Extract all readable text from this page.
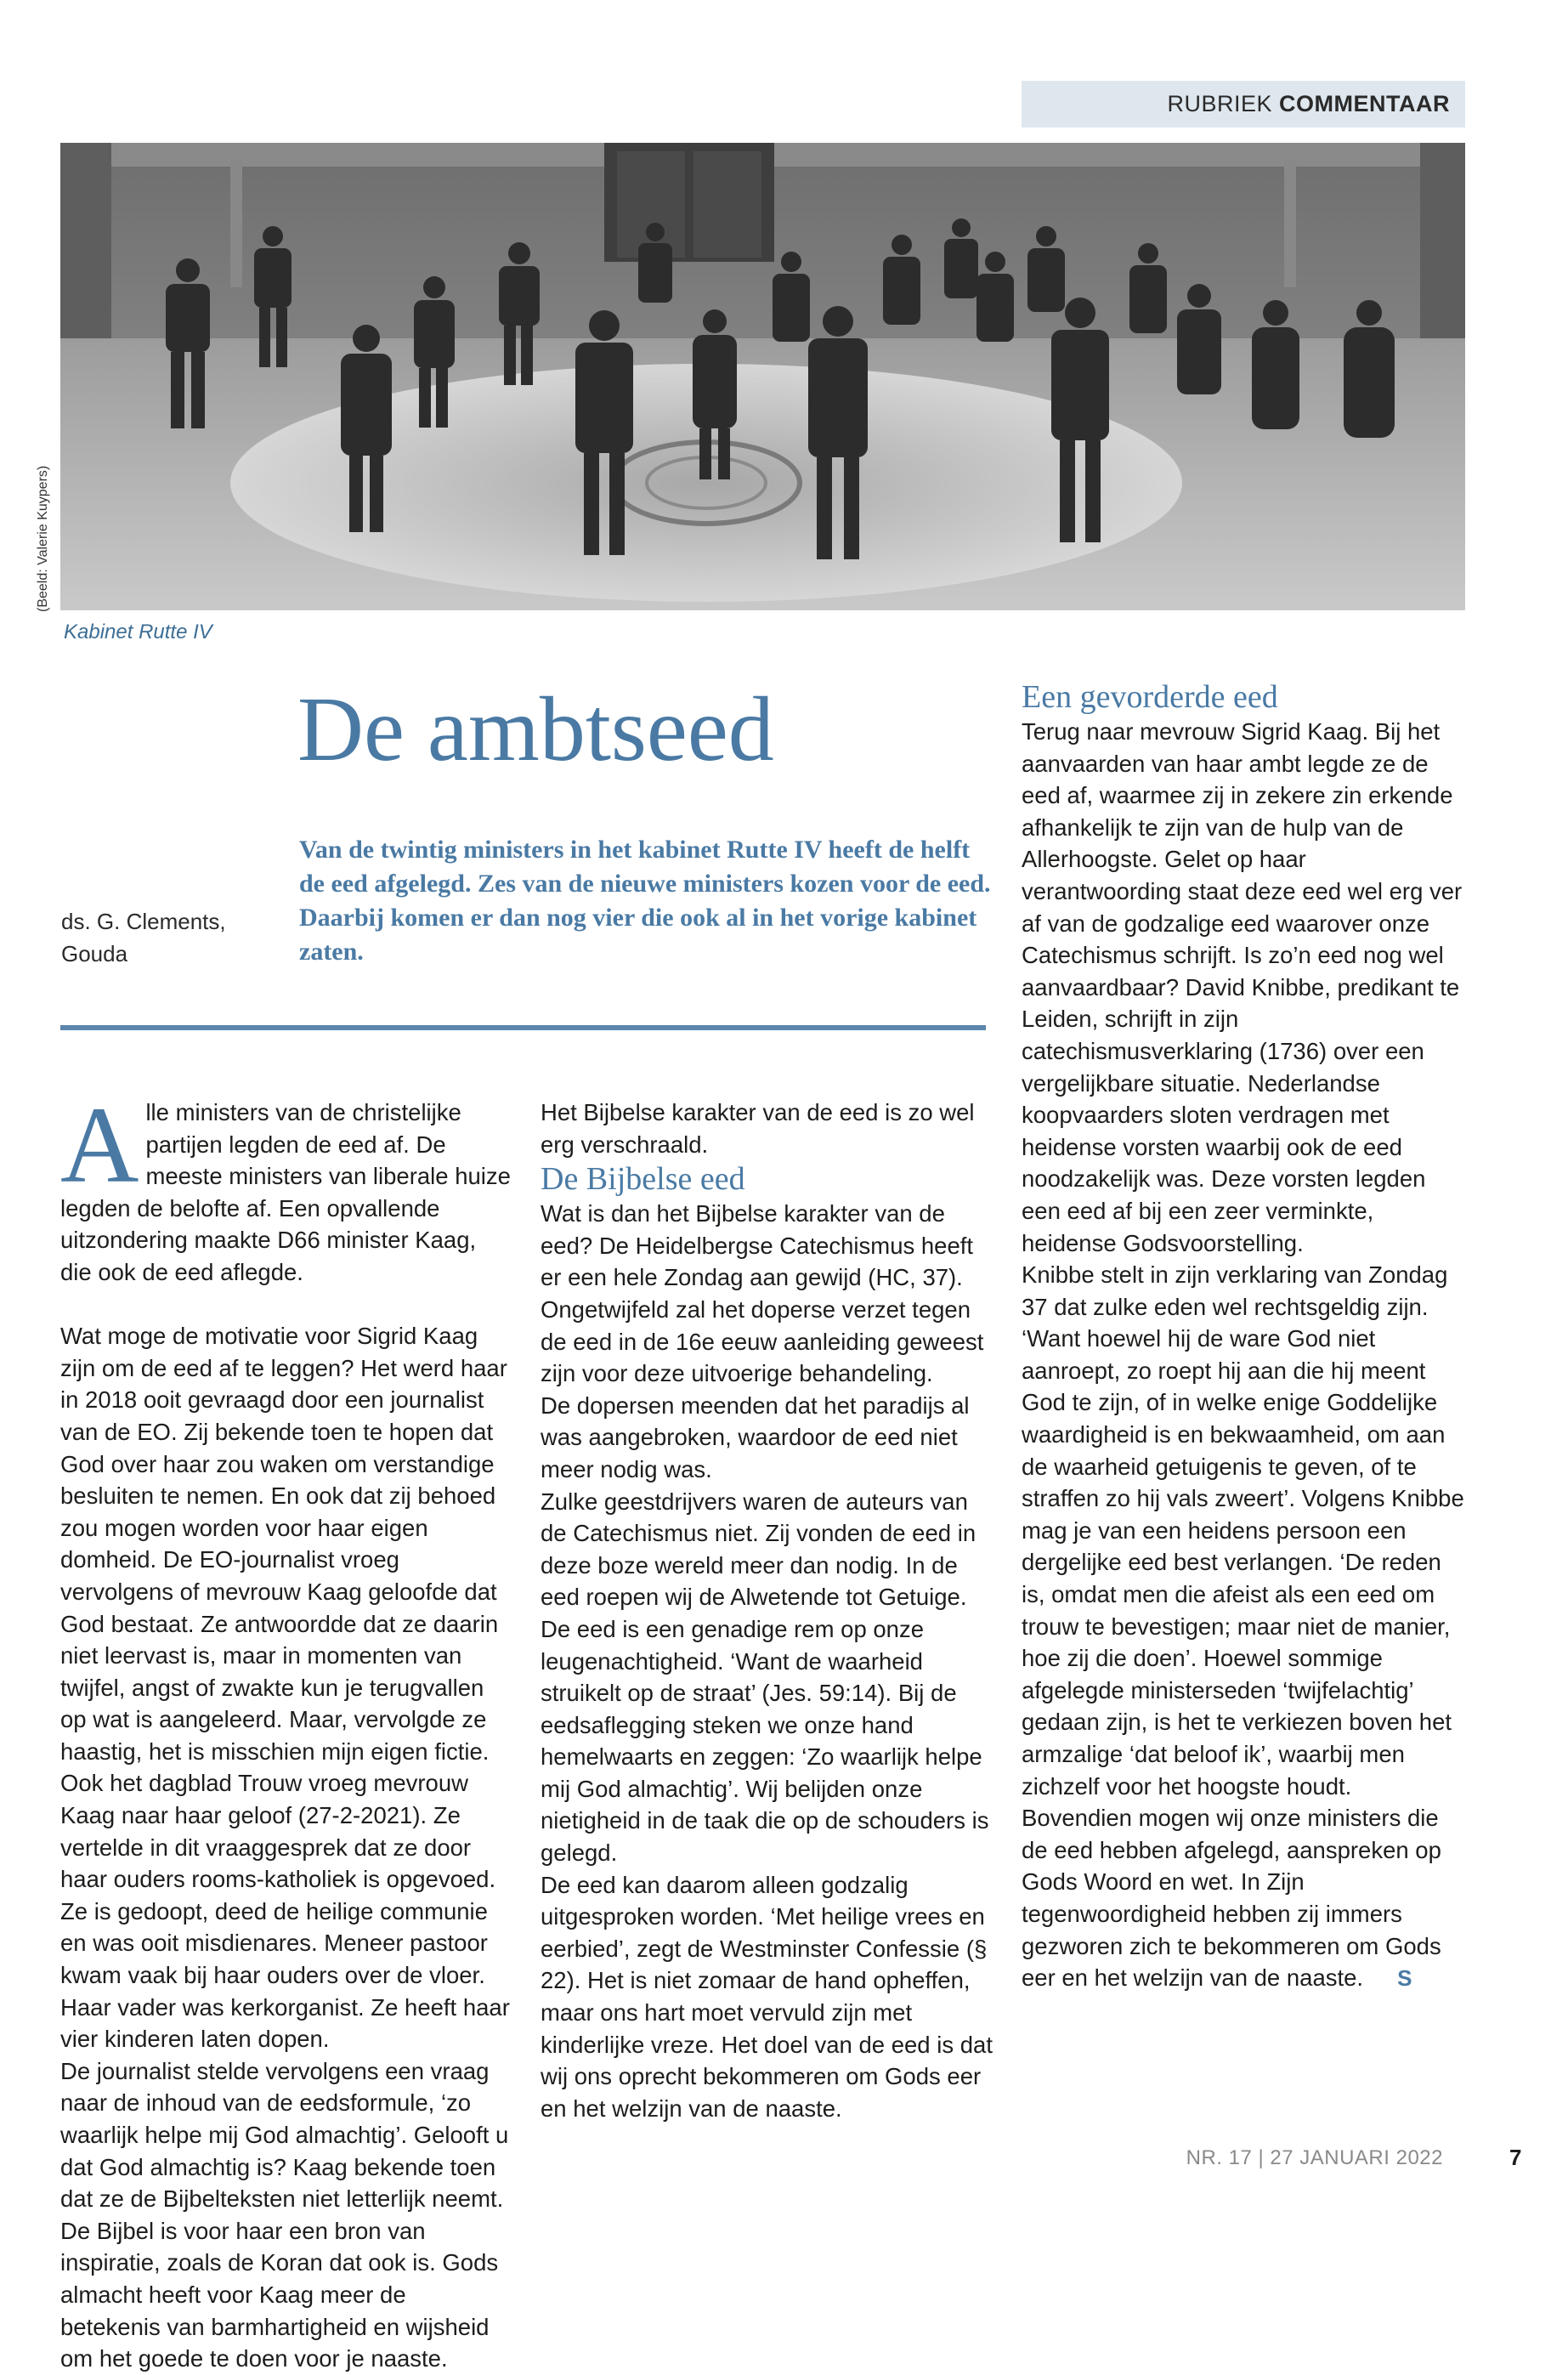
RUBRIEK COMMENTAAR
(Beeld: Valerie Kuypers)
Kabinet Rutte IV
De ambtseed
ds. G. Clements,
Gouda
Van de twintig ministers in het kabinet Rutte IV heeft de helft de eed afgelegd. Zes van de nieuwe ministers kozen voor de eed. Daarbij komen er dan nog vier die ook al in het vorige kabinet zaten.

Alle ministers van de christelijke partijen legden de eed af. De meeste ministers van liberale huize legden de belofte af. Een opvallende uitzondering maakte D66 minister Kaag, die ook de eed aflegde.

Wat moge de motivatie voor Sigrid Kaag zijn om de eed af te leggen? Het werd haar in 2018 ooit gevraagd door een journalist van de EO. Zij bekende toen te hopen dat God over haar zou waken om verstandige besluiten te nemen. En ook dat zij behoed zou mogen worden voor haar eigen domheid. De EO-journalist vroeg vervolgens of mevrouw Kaag geloofde dat God bestaat. Ze antwoordde dat ze daarin niet leervast is, maar in momenten van twijfel, angst of zwakte kun je terugvallen op wat is aangeleerd. Maar, vervolgde ze haastig, het is misschien mijn eigen fictie.

Ook het dagblad Trouw vroeg mevrouw Kaag naar haar geloof (27-2-2021). Ze vertelde in dit vraaggesprek dat ze door haar ouders rooms-katholiek is opgevoed.

Ze is gedoopt, deed de heilige communie en was ooit misdienares. Meneer pastoor kwam vaak bij haar ouders over de vloer. Haar vader was kerkorganist. Ze heeft haar vier kinderen laten dopen.

De journalist stelde vervolgens een vraag naar de inhoud van de eedsformule, ‘zo waarlijk helpe mij God almachtig’. Gelooft u dat God almachtig is? Kaag bekende toen dat ze de Bijbelteksten niet letterlijk neemt. De Bijbel is voor haar een bron van inspiratie, zoals de Koran dat ook is. Gods almacht heeft voor Kaag meer de betekenis van barmhartigheid en wijsheid om het goede te doen voor je naaste.

Het Bijbelse karakter van de eed is zo wel erg verschraald.

De Bijbelse eed

Wat is dan het Bijbelse karakter van de eed? De Heidelbergse Catechismus heeft er een hele Zondag aan gewijd (HC, 37). Ongetwijfeld zal het doperse verzet tegen de eed in de 16e eeuw aanleiding geweest zijn voor deze uitvoerige behandeling.

De dopersen meenden dat het paradijs al was aangebroken, waardoor de eed niet meer nodig was.

Zulke geestdrijvers waren de auteurs van de Catechismus niet. Zij vonden de eed in deze boze wereld meer dan nodig. In de eed roepen wij de Alwetende tot Getuige. De eed is een genadige rem op onze leugenachtigheid. ‘Want de waarheid struikelt op de straat’ (Jes. 59:14). Bij de eedsaflegging steken we onze hand hemelwaarts en zeggen: ‘Zo waarlijk helpe mij God almachtig’. Wij belijden onze nietigheid in de taak die op de schouders is gelegd.

De eed kan daarom alleen godzalig uitgesproken worden. ‘Met heilige vrees en eerbied’, zegt de Westminster Confessie (§ 22). Het is niet zomaar de hand opheffen, maar ons hart moet vervuld zijn met kinderlijke vreze. Het doel van de eed is dat wij ons oprecht bekommeren om Gods eer en het welzijn van de naaste.

Een gevorderde eed

Terug naar mevrouw Sigrid Kaag. Bij het aanvaarden van haar ambt legde ze de eed af, waarmee zij in zekere zin erkende afhankelijk te zijn van de hulp van de Allerhoogste. Gelet op haar verantwoording staat deze eed wel erg ver af van de godzalige eed waarover onze Catechismus schrijft. Is zo’n eed nog wel aanvaardbaar? David Knibbe, predikant te Leiden, schrijft in zijn catechismusverklaring (1736) over een vergelijkbare situatie. Nederlandse koopvaarders sloten verdragen met heidense vorsten waarbij ook de eed noodzakelijk was. Deze vorsten legden een eed af bij een zeer verminkte, heidense Godsvoorstelling.

Knibbe stelt in zijn verklaring van Zondag 37 dat zulke eden wel rechtsgeldig zijn. ‘Want hoewel hij de ware God niet aanroept, zo roept hij aan die hij meent God te zijn, of in welke enige Goddelijke waardigheid is en bekwaamheid, om aan de waarheid getuigenis te geven, of te straffen zo hij vals zweert’. Volgens Knibbe mag je van een heidens persoon een dergelijke eed best verlangen. ‘De reden is, omdat men die afeist als een eed om trouw te bevestigen; maar niet de manier, hoe zij die doen’. Hoewel sommige afgelegde ministerseden ‘twijfelachtig’ gedaan zijn, is het te verkiezen boven het armzalige ‘dat beloof ik’, waarbij men zichzelf voor het hoogste houdt. Bovendien mogen wij onze ministers die de eed hebben afgelegd, aanspreken op Gods Woord en wet. In Zijn tegenwoordigheid hebben zij immers gezworen zich te bekommeren om Gods eer en het welzijn van de naaste. S

NR. 17 | 27 JANUARI 2022	7
